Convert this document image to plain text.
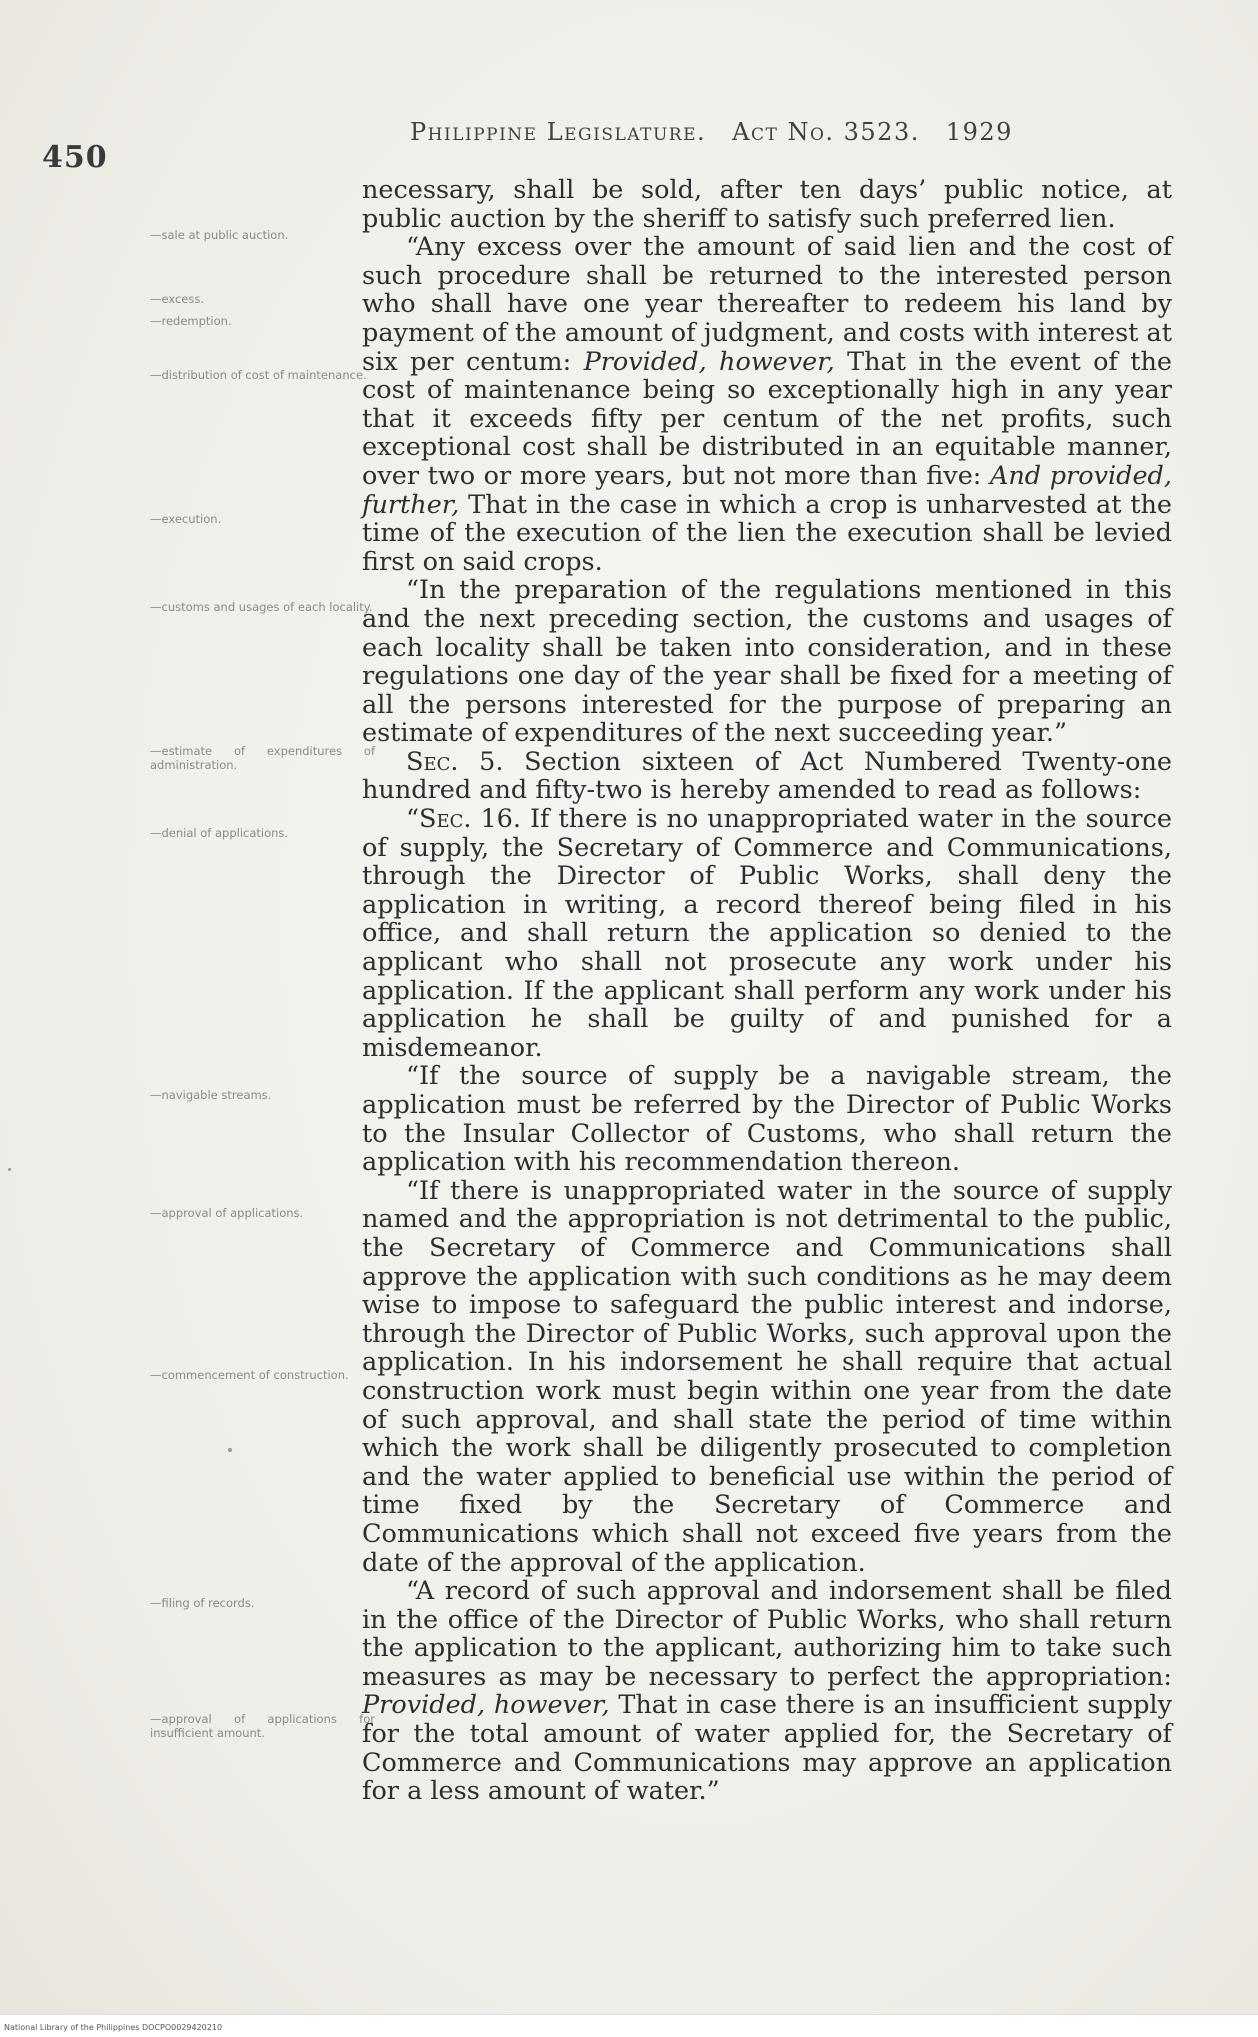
450
Philippine Legislature. Act No. 3523. 1929
—sale at public auction.
—excess.
—redemption.
—distribution of cost of maintenance.
—execution.
—customs and usages of each locality.
—estimate of expenditures of administration.
—denial of applications.
—navigable streams.
—approval of applications.
—commencement of construction.
—filing of records.
—approval of applications for insufficient amount.

necessary, shall be sold, after ten days’ public notice, at public auction by the sheriff to satisfy such preferred lien.

“Any excess over the amount of said lien and the cost of such procedure shall be returned to the interested person who shall have one year thereafter to redeem his land by payment of the amount of judgment, and costs with interest at six per centum: Provided, however, That in the event of the cost of maintenance being so exceptionally high in any year that it exceeds fifty per centum of the net profits, such exceptional cost shall be distributed in an equitable manner, over two or more years, but not more than five: And provided, further, That in the case in which a crop is unharvested at the time of the execution of the lien the execution shall be levied first on said crops.

“In the preparation of the regulations mentioned in this and the next preceding section, the customs and usages of each locality shall be taken into consideration, and in these regulations one day of the year shall be fixed for a meeting of all the persons interested for the purpose of preparing an estimate of expenditures of the next succeeding year.”

Sec. 5. Section sixteen of Act Numbered Twenty-one hundred and fifty-two is hereby amended to read as follows:

“Sec. 16. If there is no unappropriated water in the source of supply, the Secretary of Commerce and Communications, through the Director of Public Works, shall deny the application in writing, a record thereof being filed in his office, and shall return the application so denied to the applicant who shall not prosecute any work under his application. If the applicant shall perform any work under his application he shall be guilty of and punished for a misdemeanor.

“If the source of supply be a navigable stream, the application must be referred by the Director of Public Works to the Insular Collector of Customs, who shall return the application with his recommendation thereon.

“If there is unappropriated water in the source of supply named and the appropriation is not detrimental to the public, the Secretary of Commerce and Communications shall approve the application with such conditions as he may deem wise to impose to safeguard the public interest and indorse, through the Director of Public Works, such approval upon the application. In his indorsement he shall require that actual construction work must begin within one year from the date of such approval, and shall state the period of time within which the work shall be diligently prosecuted to completion and the water applied to beneficial use within the period of time fixed by the Secretary of Commerce and Communications which shall not exceed five years from the date of the approval of the application.

“A record of such approval and indorsement shall be filed in the office of the Director of Public Works, who shall return the application to the applicant, authorizing him to take such measures as may be necessary to perfect the appropriation: Provided, however, That in case there is an insufficient supply for the total amount of water applied for, the Secretary of Commerce and Communications may approve an application for a less amount of water.”

National Library of the Philippines DOCPO0029420210
